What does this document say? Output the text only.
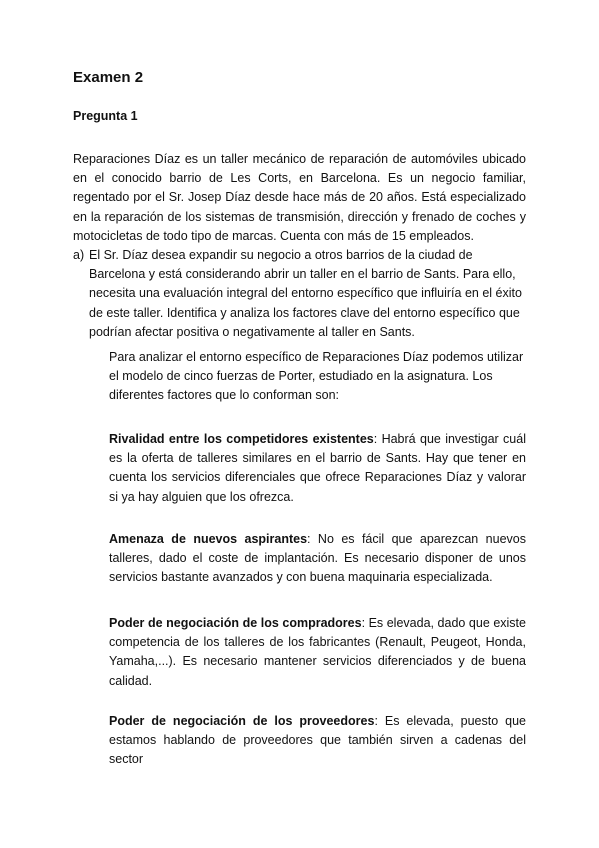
Examen 2
Pregunta 1

Reparaciones Díaz es un taller mecánico de reparación de automóviles ubicado en el conocido barrio de Les Corts, en Barcelona. Es un negocio familiar, regentado por el Sr. Josep Díaz desde hace más de 20 años. Está especializado en la reparación de los sistemas de transmisión, dirección y frenado de coches y motocicletas de todo tipo de marcas. Cuenta con más de 15 empleados.

a) El Sr. Díaz desea expandir su negocio a otros barrios de la ciudad de Barcelona y está considerando abrir un taller en el barrio de Sants. Para ello, necesita una evaluación integral del entorno específico que influiría en el éxito de este taller. Identifica y analiza los factores clave del entorno específico que podrían afectar positiva o negativamente al taller en Sants.

Para analizar el entorno específico de Reparaciones Díaz podemos utilizar el modelo de cinco fuerzas de Porter, estudiado en la asignatura. Los diferentes factores que lo conforman son:

Rivalidad entre los competidores existentes: Habrá que investigar cuál es la oferta de talleres similares en el barrio de Sants. Hay que tener en cuenta los servicios diferenciales que ofrece Reparaciones Díaz y valorar si ya hay alguien que los ofrezca.

Amenaza de nuevos aspirantes: No es fácil que aparezcan nuevos talleres, dado el coste de implantación. Es necesario disponer de unos servicios bastante avanzados y con buena maquinaria especializada.

Poder de negociación de los compradores: Es elevada, dado que existe competencia de los talleres de los fabricantes (Renault, Peugeot, Honda, Yamaha,...). Es necesario mantener servicios diferenciados y de buena calidad.

Poder de negociación de los proveedores: Es elevada, puesto que estamos hablando de proveedores que también sirven a cadenas del sector
